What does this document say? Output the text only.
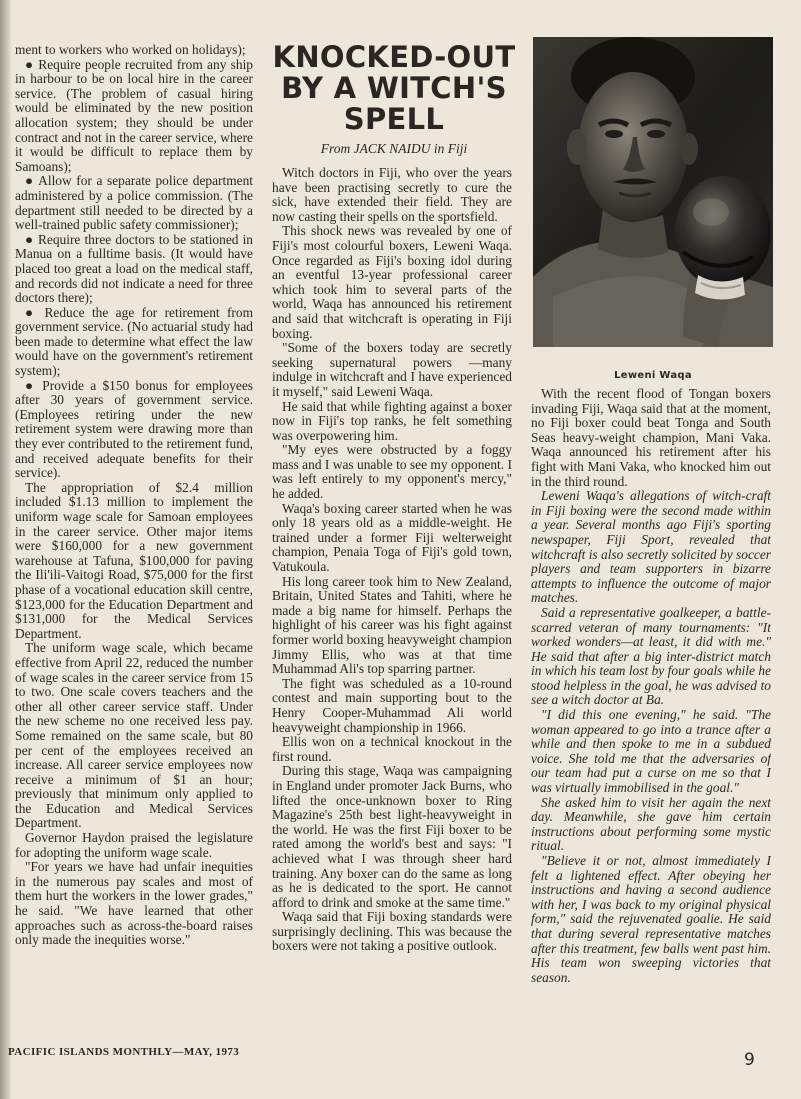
ment to workers who worked on holidays);

● Require people recruited from any ship in harbour to be on local hire in the career service. (The problem of casual hiring would be eliminated by the new position allocation system; they should be under contract and not in the career service, where it would be difficult to replace them by Samoans);

● Allow for a separate police department administered by a police commission. (The department still needed to be directed by a well-trained public safety commissioner);

● Require three doctors to be stationed in Manua on a fulltime basis. (It would have placed too great a load on the medical staff, and records did not indicate a need for three doctors there);

● Reduce the age for retirement from government service. (No actuarial study had been made to determine what effect the law would have on the government's retirement system);

● Provide a $150 bonus for employees after 30 years of government service. (Employees retiring under the new retirement system were drawing more than they ever contributed to the retirement fund, and received adequate benefits for their service).

The appropriation of $2.4 million included $1.13 million to implement the uniform wage scale for Samoan employees in the career service. Other major items were $160,000 for a new government warehouse at Tafuna, $100,000 for paving the Ili'ili-Vaitogi Road, $75,000 for the first phase of a vocational education skill centre, $123,000 for the Education Department and $131,000 for the Medical Services Department.

The uniform wage scale, which became effective from April 22, reduced the number of wage scales in the career service from 15 to two. One scale covers teachers and the other all other career service staff. Under the new scheme no one received less pay. Some remained on the same scale, but 80 per cent of the employees received an increase. All career service employees now receive a minimum of $1 an hour; previously that minimum only applied to the Education and Medical Services Department.

Governor Haydon praised the legislature for adopting the uniform wage scale.

"For years we have had unfair inequities in the numerous pay scales and most of them hurt the workers in the lower grades," he said. "We have learned that other approaches such as across-the-board raises only made the inequities worse."

KNOCKED-OUT BY A WITCH'S SPELL
From JACK NAIDU in Fiji

Witch doctors in Fiji, who over the years have been practising secretly to cure the sick, have extended their field. They are now casting their spells on the sportsfield.

This shock news was revealed by one of Fiji's most colourful boxers, Leweni Waqa. Once regarded as Fiji's boxing idol during an eventful 13-year professional career which took him to several parts of the world, Waqa has announced his retirement and said that witchcraft is operating in Fiji boxing.

"Some of the boxers today are secretly seeking supernatural powers —many indulge in witchcraft and I have experienced it myself," said Leweni Waqa.

He said that while fighting against a boxer now in Fiji's top ranks, he felt something was overpowering him.

"My eyes were obstructed by a foggy mass and I was unable to see my opponent. I was left entirely to my opponent's mercy," he added.

Waqa's boxing career started when he was only 18 years old as a middle-weight. He trained under a former Fiji welterweight champion, Penaia Toga of Fiji's gold town, Vatukoula.

His long career took him to New Zealand, Britain, United States and Tahiti, where he made a big name for himself. Perhaps the highlight of his career was his fight against former world boxing heavyweight champion Jimmy Ellis, who was at that time Muhammad Ali's top sparring partner.

The fight was scheduled as a 10-round contest and main supporting bout to the Henry Cooper-Muhammad Ali world heavyweight championship in 1966.

Ellis won on a technical knockout in the first round.

During this stage, Waqa was campaigning in England under promoter Jack Burns, who lifted the once-unknown boxer to Ring Magazine's 25th best light-heavyweight in the world. He was the first Fiji boxer to be rated among the world's best and says: "I achieved what I was through sheer hard training. Any boxer can do the same as long as he is dedicated to the sport. He cannot afford to drink and smoke at the same time."

Waqa said that Fiji boxing standards were surprisingly declining. This was because the boxers were not taking a positive outlook.

Leweni Waqa

With the recent flood of Tongan boxers invading Fiji, Waqa said that at the moment, no Fiji boxer could beat Tonga and South Seas heavy-weight champion, Mani Vaka. Waqa announced his retirement after his fight with Mani Vaka, who knocked him out in the third round.

Leweni Waqa's allegations of witch-craft in Fiji boxing were the second made within a year. Several months ago Fiji's sporting newspaper, Fiji Sport, revealed that witchcraft is also secretly solicited by soccer players and team supporters in bizarre attempts to influence the outcome of major matches.

Said a representative goalkeeper, a battle-scarred veteran of many tournaments: "It worked wonders—at least, it did with me." He said that after a big inter-district match in which his team lost by four goals while he stood helpless in the goal, he was advised to see a witch doctor at Ba.

"I did this one evening," he said. "The woman appeared to go into a trance after a while and then spoke to me in a subdued voice. She told me that the adversaries of our team had put a curse on me so that I was virtually immobilised in the goal."

She asked him to visit her again the next day. Meanwhile, she gave him certain instructions about performing some mystic ritual.

"Believe it or not, almost immediately I felt a lightened effect. After obeying her instructions and having a second audience with her, I was back to my original physical form," said the rejuvenated goalie. He said that during several representative matches after this treatment, few balls went past him. His team won sweeping victories that season.

PACIFIC ISLANDS MONTHLY—MAY, 1973	9
